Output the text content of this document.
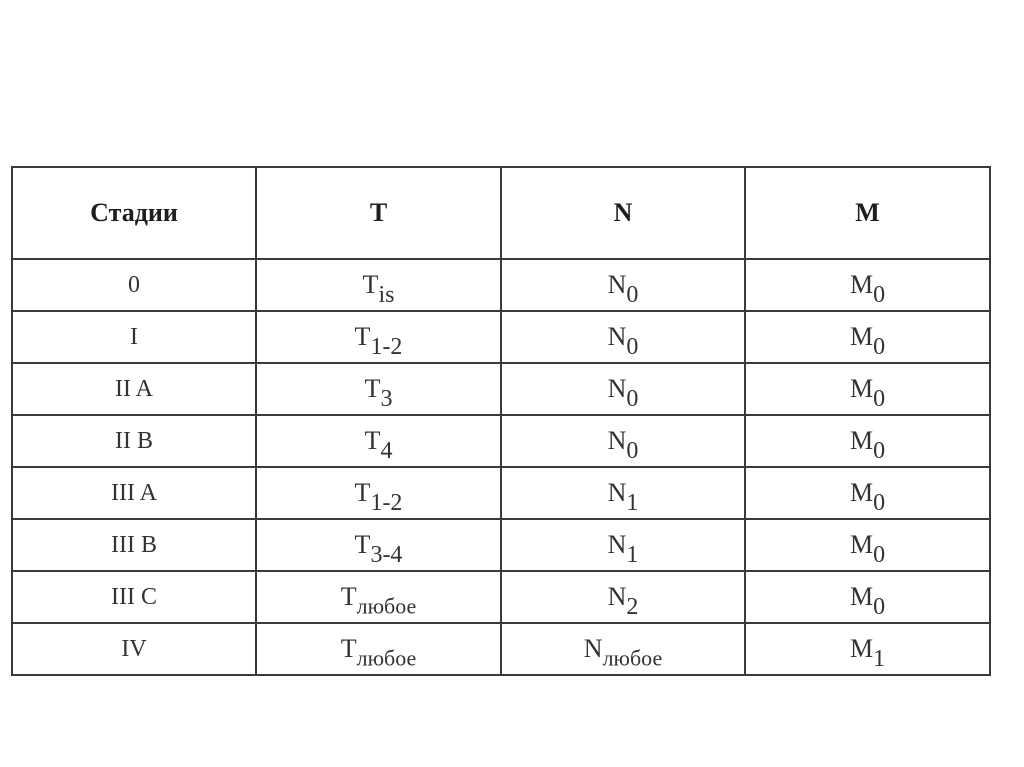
Стадии	T	N	M
0	$T_{is}$	$N_0$	$M_0$
I	$T_{1-2}$	$N_0$	$M_0$
II A	$T_3$	$N_0$	$M_0$
II B	$T_4$	$N_0$	$M_0$
III A	$T_{1-2}$	$N_1$	$M_0$
III B	$T_{3-4}$	$N_1$	$M_0$
III C	$T_{любое}$	$N_2$	$M_0$
IV	$T_{любое}$	$N_{любое}$	$M_1$
